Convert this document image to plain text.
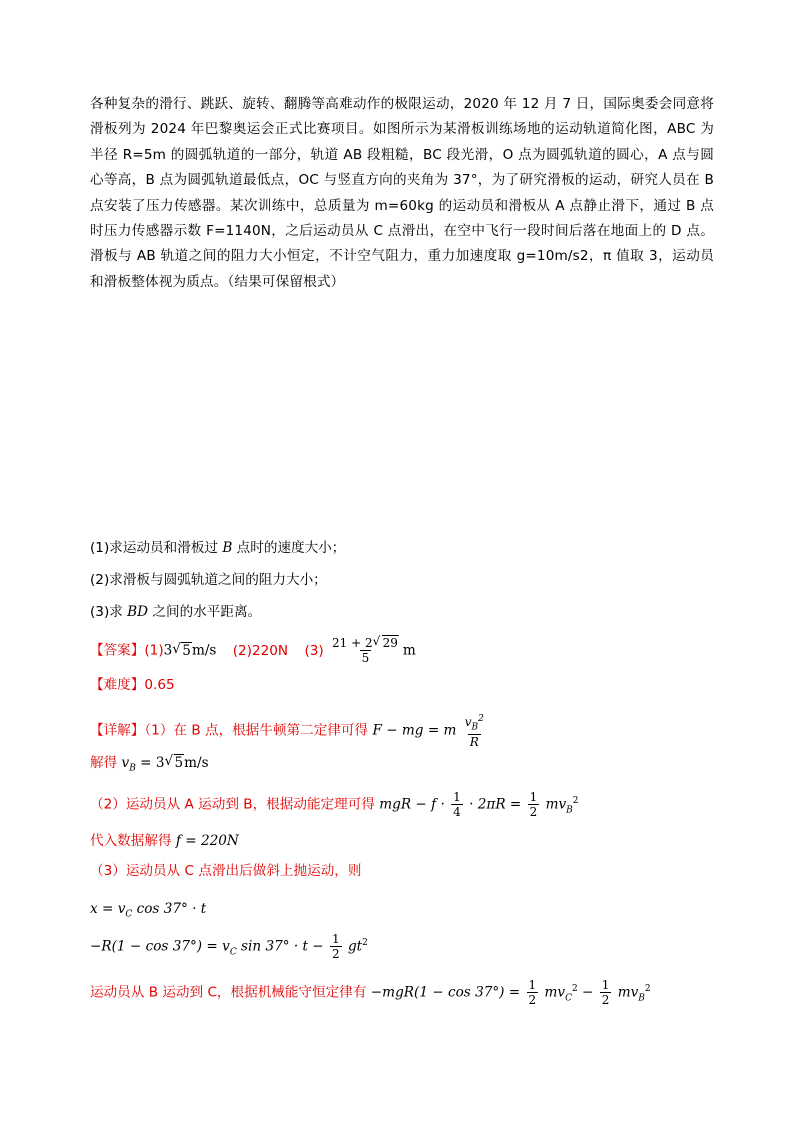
各种复杂的滑行、跳跃、旋转、翻腾等高难动作的极限运动，2020 年 12 月 7 日，国际奥委会同意将滑板列为 2024 年巴黎奥运会正式比赛项目。如图所示为某滑板训练场地的运动轨道简化图，ABC 为半径 R=5m 的圆弧轨道的一部分，轨道 AB 段粗糙，BC 段光滑，O 点为圆弧轨道的圆心，A 点与圆心等高，B 点为圆弧轨道最低点，OC 与竖直方向的夹角为 37°，为了研究滑板的运动，研究人员在 B 点安装了压力传感器。某次训练中，总质量为 m=60kg 的运动员和滑板从 A 点静止滑下，通过 B 点时压力传感器示数 F=1140N，之后运动员从 C 点滑出，在空中飞行一段时间后落在地面上的 D 点。滑板与 AB 轨道之间的阻力大小恒定，不计空气阻力，重力加速度取 g=10m/s2，π 值取 3，运动员和滑板整体视为质点。（结果可保留根式）
(1)求运动员和滑板过 B 点时的速度大小；
(2)求滑板与圆弧轨道之间的阻力大小；
(3)求 BD 之间的水平距离。
【答案】(1)3√ 5m/s (2)220N $(3) \frac{21 + 2√ 29}{5}$ m
【难度】0.65
【详解】（1）在 B 点，根据牛顿第二定律可得 F − mg = m $\frac{v_B^2}{R}$
解得 $v_B = 3√$ 5m/s
（2）运动员从 A 运动到 B，根据动能定理可得 mgR − $f \cdot \frac{1}{4} \cdot 2\pi R = \frac{1}{2} mv_B^2$
代入数据解得 f = 220N
（3）运动员从 C 点滑出后做斜上抛运动，则
$x = v_C$ cos 37° · t
$-R(1 - \cos 37^\circ) = v_C$ $\sin 37^\circ \cdot t - \frac{1}{2} gt^2$
运动员从 B 运动到 C，根据机械能守恒定律有 $-mgR(1 - \cos 37^\circ) = \frac{1}{2} mv_C^2 - \frac{1}{2} mv_B^2$
